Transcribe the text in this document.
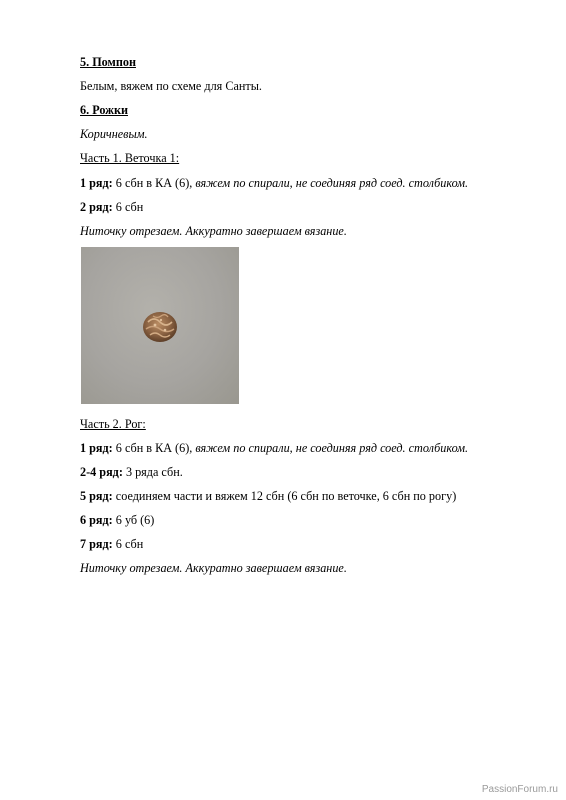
5. Помпон
Белым, вяжем по схеме для Санты.
6. Рожки
Коричневым.
Часть 1. Веточка 1:
1 ряд: 6 сбн в КА (6), вяжем по спирали, не соединяя ряд соед. столбиком.
2 ряд: 6 сбн
Ниточку отрезаем. Аккуратно завершаем вязание.
Часть 2. Рог:
1 ряд: 6 сбн в КА (6), вяжем по спирали, не соединяя ряд соед. столбиком.
2-4 ряд: 3 ряда сбн.
5 ряд: соединяем части и вяжем 12 сбн (6 сбн по веточке, 6 сбн по рогу)
6 ряд: 6 уб (6)
7 ряд: 6 сбн
Ниточку отрезаем. Аккуратно завершаем вязание.
PassionForum.ru
